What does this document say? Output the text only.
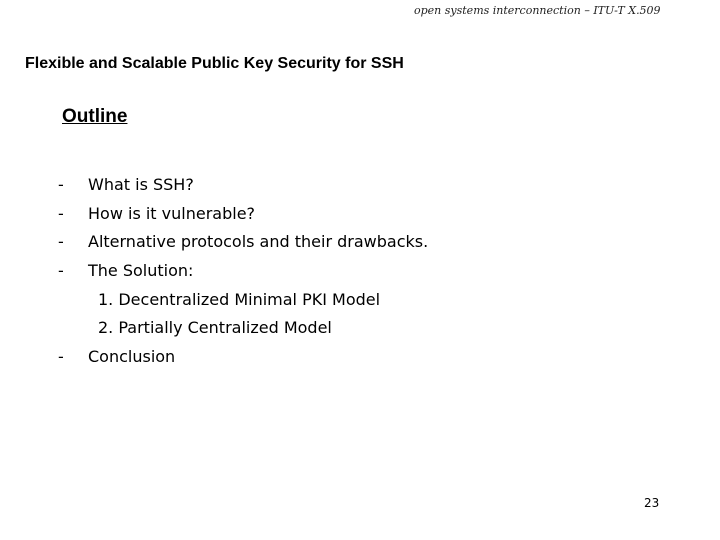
open systems interconnection – ITU-T X.509
Flexible and Scalable Public Key Security for SSH
Outline
- What is SSH?
- How is it vulnerable?
- Alternative protocols and their drawbacks.
- The Solution:
1. Decentralized Minimal PKI Model
2. Partially Centralized Model
- Conclusion
23
